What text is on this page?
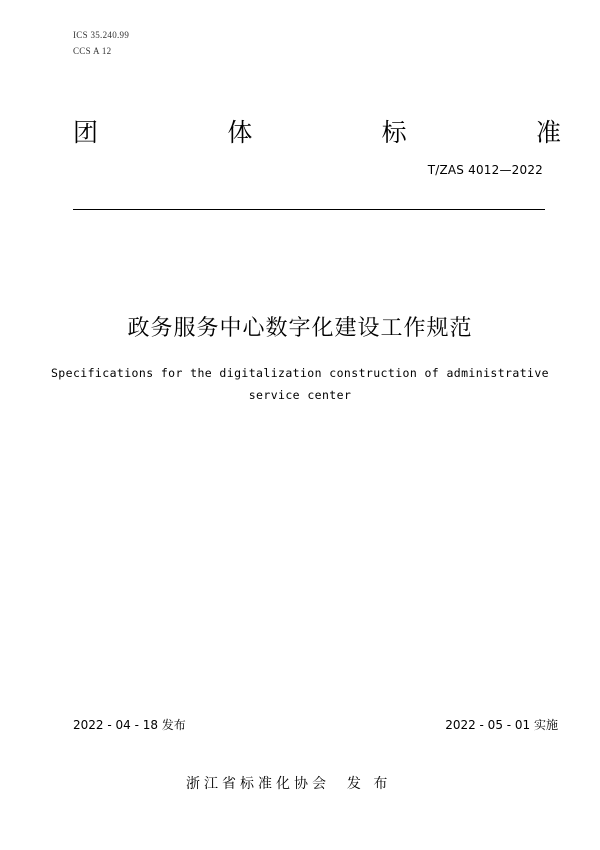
ICS 35.240.99
CCS A 12
团	体	标	准
T/ZAS 4012—2022
政务服务中心数字化建设工作规范
Specifications for the digitalization construction of administrative
service center
2022 - 04 - 18 发布	2022 - 05 - 01 实施
浙江省标准化协会 发 布
